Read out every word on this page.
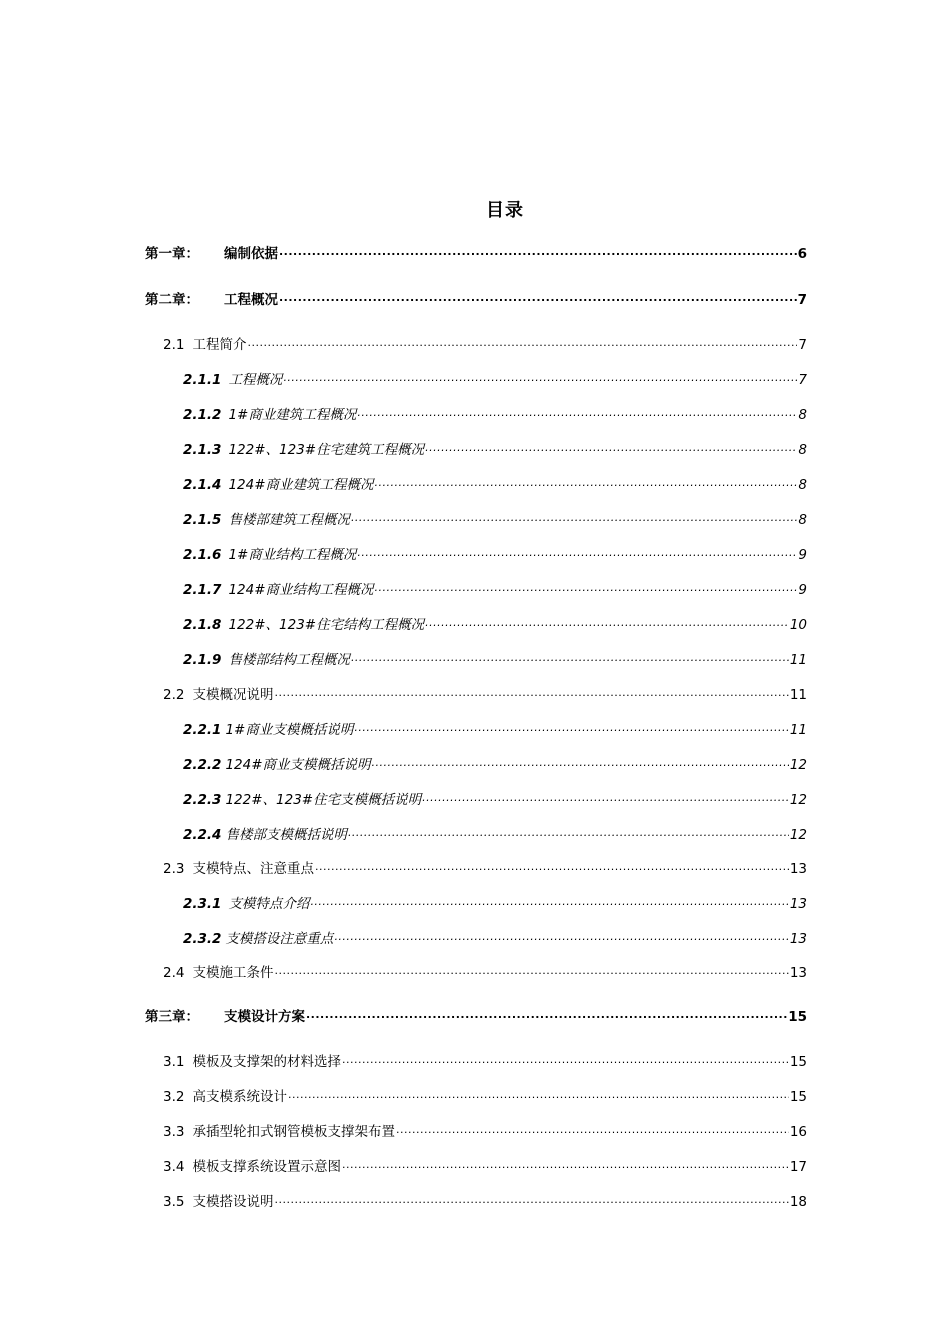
目录
第一章： 编制依据 .....	6
第二章： 工程概况 .....	7
2.1 工程简介 .....	7
2.1.1 工程概况 .....	7
2.1.2 1#商业建筑工程概况 .....	8
2.1.3 122#、123#住宅建筑工程概况 .....	8
2.1.4 124#商业建筑工程概况 .....	8
2.1.5 售楼部建筑工程概况 .....	8
2.1.6 1#商业结构工程概况 .....	9
2.1.7 124#商业结构工程概况 .....	9
2.1.8 122#、123#住宅结构工程概况 .....	10
2.1.9 售楼部结构工程概况 .....	11
2.2 支模概况说明 .....	11
2.2.1 1#商业支模概括说明 .....	11
2.2.2 124#商业支模概括说明 .....	12
2.2.3 122#、123#住宅支模概括说明 .....	12
2.2.4 售楼部支模概括说明 .....	12
2.3 支模特点、注意重点 .....	13
2.3.1 支模特点介绍 .....	13
2.3.2 支模搭设注意重点 .....	13
2.4 支模施工条件 .....	13
第三章： 支模设计方案 .....	15
3.1 模板及支撑架的材料选择 .....	15
3.2 高支模系统设计 .....	15
3.3 承插型轮扣式钢管模板支撑架布置 .....	16
3.4 模板支撑系统设置示意图 .....	17
3.5 支模搭设说明 .....	18
